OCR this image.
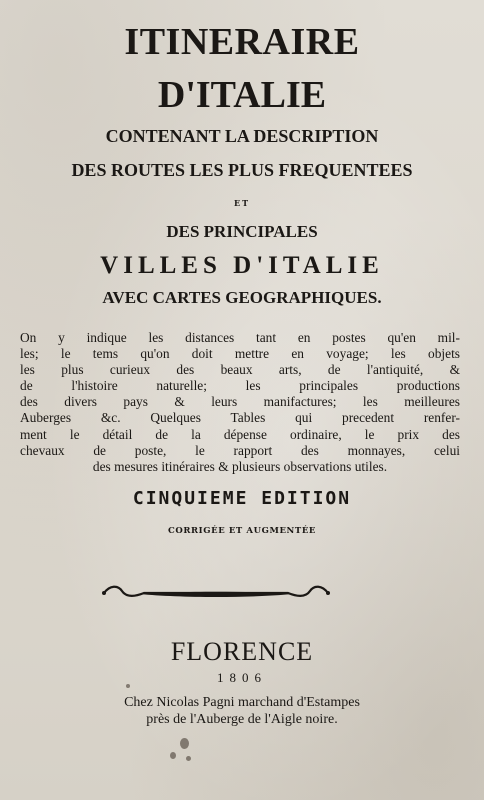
ITINERAIRE
D'ITALIE
CONTENANT LA DESCRIPTION
DES ROUTES LES PLUS FREQUENTEES
ET
DES PRINCIPALES
VILLES D'ITALIE
AVEC CARTES GEOGRAPHIQUES.
On y indique les distances tant en postes qu'en mil-
les; le tems qu'on doit mettre en voyage; les objets
les plus curieux des beaux arts, de l'antiquité, &
de l'histoire naturelle; les principales productions
des divers pays & leurs manifactures; les meilleures
Auberges &c. Quelques Tables qui precedent renfer-
ment le détail de la dépense ordinaire, le prix des
chevaux de poste, le rapport des monnayes, celui
des mesures itinéraires & plusieurs observations utiles.
CINQUIEME EDITION
CORRIGÉE ET AUGMENTÉE
FLORENCE
1806
Chez Nicolas Pagni marchand d'Estampes
près de l'Auberge de l'Aigle noire.
